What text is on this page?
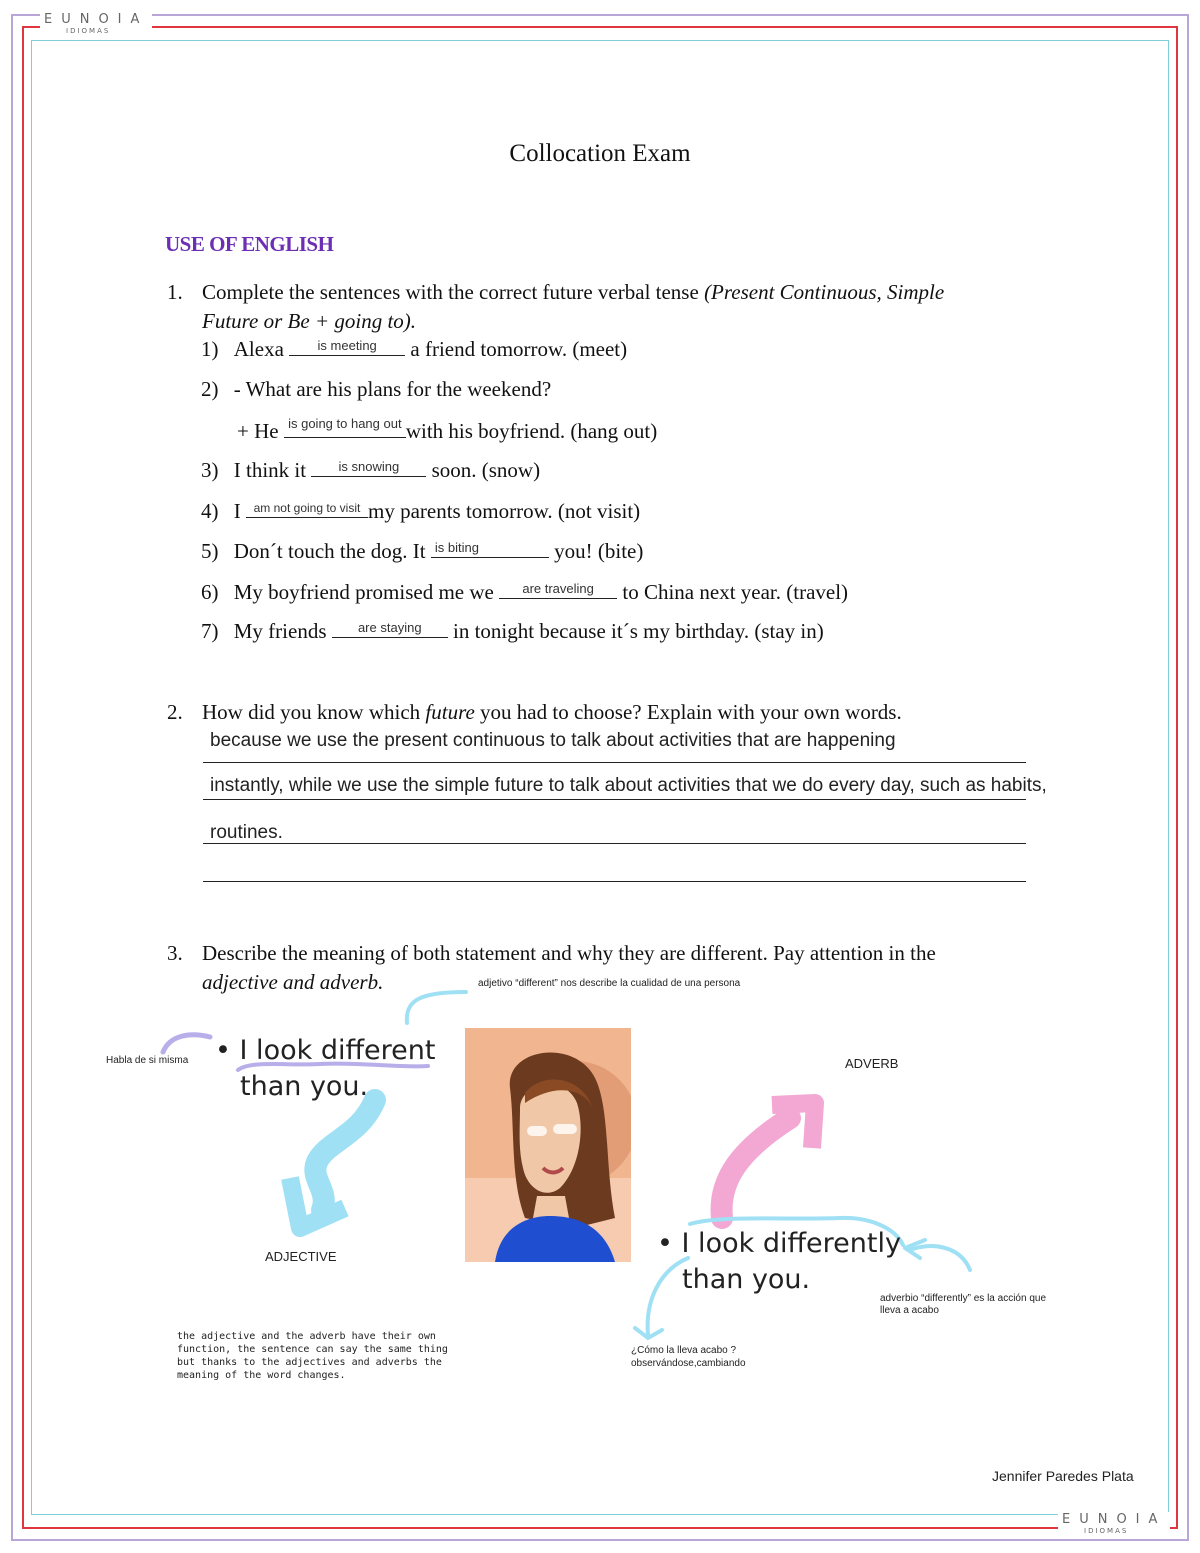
EUNOIA
IDIOMAS
EUNOIA
IDIOMAS
Collocation Exam
USE OF ENGLISH
1. Complete the sentences with the correct future verbal tense (Present Continuous, Simple
Future or Be + going to).
1) Alexa	is meeting	a friend tomorrow. (meet)
2) - What are his plans for the weekend?
+ He is going to hang out with his boyfriend. (hang out)
3) I think it	is snowing	soon. (snow)
4) I am not going to visit my parents tomorrow. (not visit)
5) Don´t touch the dog. It is biting	you! (bite)
6) My boyfriend promised me we	are traveling	to China next year. (travel)
7) My friends	are staying	in tonight because it´s my birthday. (stay in)
2. How did you know which future you had to choose? Explain with your own words.
because we use the present continuous to talk about activities that are happening
instantly, while we use the simple future to talk about activities that we do every day, such as habits,
routines.
3. Describe the meaning of both statement and why they are different. Pay attention in the
adjective and adverb.	adjetivo “different” nos describe la cualidad de una persona
Habla de si misma • I look different
than you.
• I look differently
than you.
ADJECTIVE
ADVERB
adverbio “differently” es la acción que
lleva a acabo
¿Cómo la lleva acabo ?
observándose,cambiando
the adjective and the adverb have their own
function, the sentence can say the same thing
but thanks to the adjectives and adverbs the
meaning of the word changes.
Jennifer Paredes Plata
